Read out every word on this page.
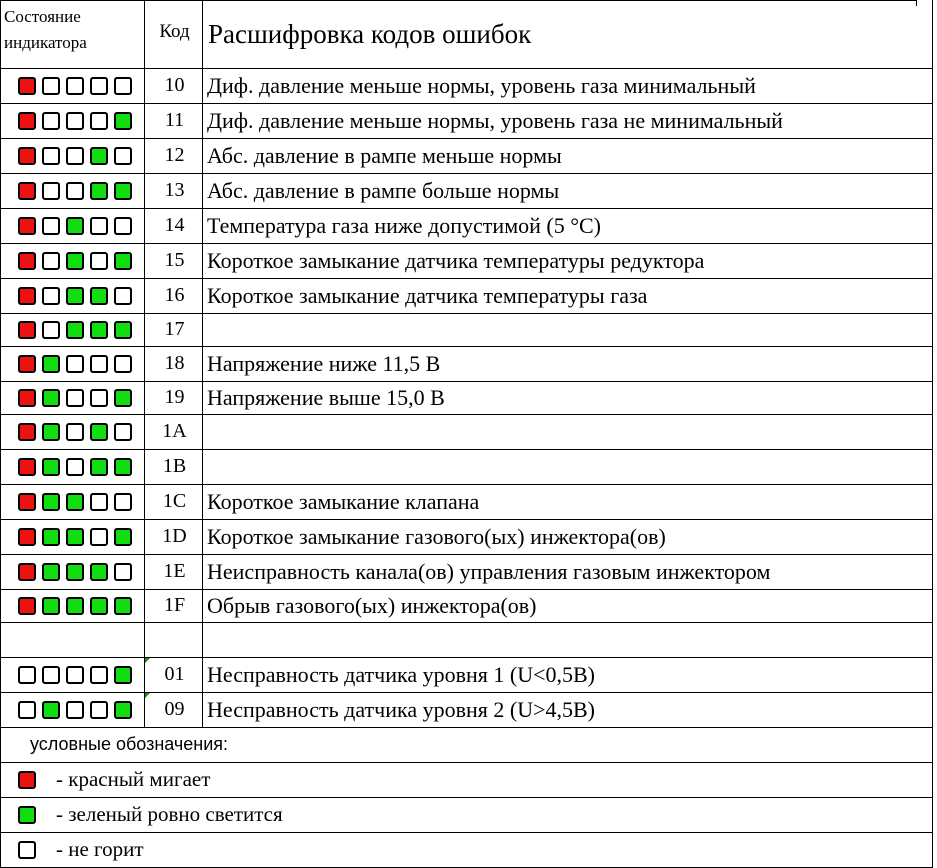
Состояние
индикатора
Код Расшифровка кодов ошибок
10	Диф. давление меньше нормы, уровень газа минимальный
11	Диф. давление меньше нормы, уровень газа не минимальный
12	Абс. давление в рампе меньше нормы
13	Абс. давление в рампе больше нормы
14	Температура газа ниже допустимой (5 °С)
15	Короткое замыкание датчика температуры редуктора
16	Короткое замыкание датчика температуры газа
17
18	Напряжение ниже 11,5 В
19	Напряжение выше 15,0 В
1A
1B
1C Короткое замыкание клапана
1D Короткое замыкание газового(ых) инжектора(ов)
1E Неисправность канала(ов) управления газовым инжектором
1F Обрыв газового(ых) инжектора(ов)
01	Несправность датчика уровня 1 (U<0,5В)
09	Несправность датчика уровня 2 (U>4,5В)
условные обозначения:
- красный мигает
- зеленый ровно светится
- не горит
